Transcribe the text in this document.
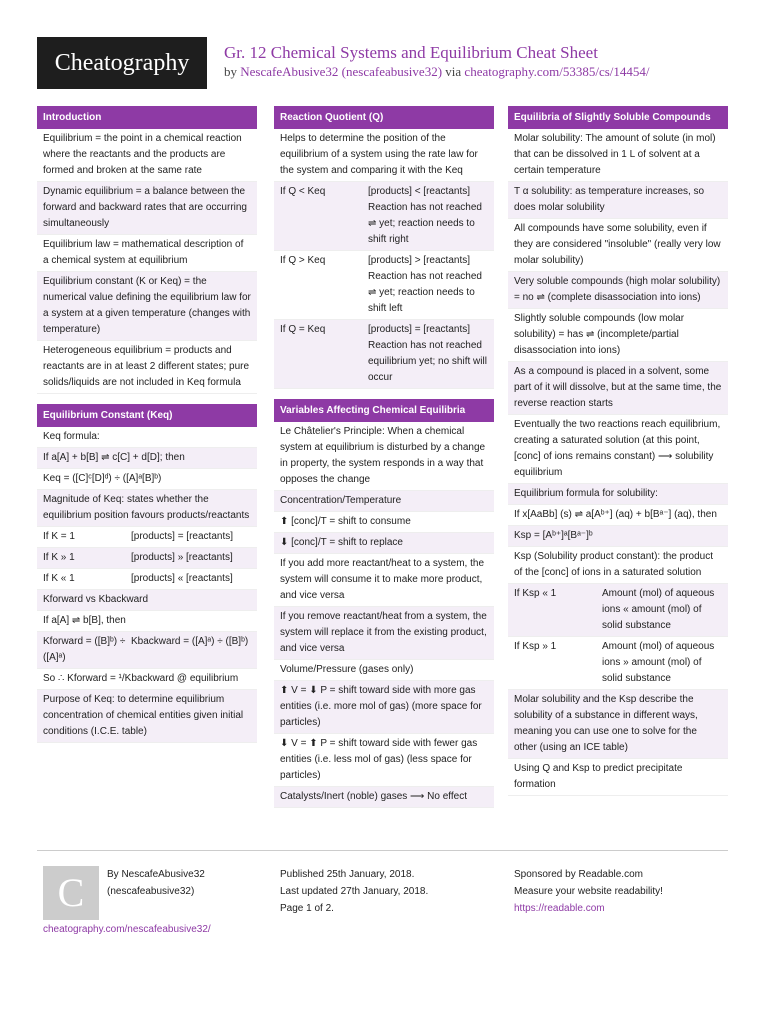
Cheatography	Gr. 12 Chemical Systems and Equilibrium Cheat Sheet
by NescafeAbusive32 (nescafeabusive32) via cheatography.com/53385/cs/14454/
Introduction
Equilibrium = the point in a chemical reaction where the reactants and the products are formed and broken at the same rate
Dynamic equilibrium = a balance between the forward and backward rates that are occurring simultaneously
Equilibrium law = mathematical description of a chemical system at equilibrium
Equilibrium constant (K or Keq) = the numerical value defining the equilibrium law for a system at a given temperature (changes with temperature)
Heterogeneous equilibrium = products and reactants are in at least 2 different states; pure solids/liquids are not included in Keq formula
Equilibrium Constant (Keq)
Keq formula:
If a[A] + b[B] ⇌ c[C] + d[D]; then
Keq = ([C]ᶜ[D]ᵈ) ÷ ([A]ᵃ[B]ᵇ)
Magnitude of Keq: states whether the equilibrium position favours products/reactants
If K = 1	[products] = [reactants]
If K » 1	[products] » [reactants]
If K « 1	[products] « [reactants]
Kforward vs Kbackward
If a[A] ⇌ b[B], then
Kforward = ([B]ᵇ) ÷ ([A]ᵃ)
Kbackward = ([A]ᵃ) ÷ ([B]ᵇ)
So ∴ Kforward = ¹/Kbackward @ equilibrium
Purpose of Keq: to determine equilibrium concentration of chemical entities given initial conditions (I.C.E. table)
Reaction Quotient (Q)
Helps to determine the position of the equilibrium of a system using the rate law for the system and comparing it with the Keq
If Q < Keq	[products] < [reactants] Reaction has not reached ⇌ yet; reaction needs to shift right
If Q > Keq	[products] > [reactants] Reaction has not reached ⇌ yet; reaction needs to shift left
If Q = Keq	[products] = [reactants] Reaction has not reached equilibrium yet; no shift will occur
Variables Affecting Chemical Equilibria
Le Châtelier's Principle: When a chemical system at equilibrium is disturbed by a change in property, the system responds in a way that opposes the change
Concentration/Temperature
⬆ [conc]/T = shift to consume
⬇ [conc]/T = shift to replace
If you add more reactant/heat to a system, the system will consume it to make more product, and vice versa
If you remove reactant/heat from a system, the system will replace it from the existing product, and vice versa
Volume/Pressure (gases only)
⬆ V = ⬇ P = shift toward side with more gas entities (i.e. more mol of gas) (more space for particles)
⬇ V = ⬆ P = shift toward side with fewer gas entities (i.e. less mol of gas) (less space for particles)
Catalysts/Inert (noble) gases ⟶ No effect
Equilibria of Slightly Soluble Compounds
Molar solubility: The amount of solute (in mol) that can be dissolved in 1 L of solvent at a certain temperature
T α solubility: as temperature increases, so does molar solubility
All compounds have some solubility, even if they are considered "insoluble" (really very low molar solubility)
Very soluble compounds (high molar solubility) = no ⇌ (complete disassociation into ions)
Slightly soluble compounds (low molar solubility) = has ⇌ (incomplete/partial disassociation into ions)
As a compound is placed in a solvent, some part of it will dissolve, but at the same time, the reverse reaction starts
Eventually the two reactions reach equilibrium, creating a saturated solution (at this point, [conc] of ions remains constant) ⟶ solubility equilibrium
Equilibrium formula for solubility:
If x[AaBb] (s) ⇌ a[Aᵇ⁺] (aq) + b[Bᵃ⁻] (aq), then
Ksp = [Aᵇ⁺]ᵃ[Bᵃ⁻]ᵇ
Ksp (Solubility product constant): the product of the [conc] of ions in a saturated solution
If Ksp « 1	Amount (mol) of aqueous ions « amount (mol) of solid substance
If Ksp » 1	Amount (mol) of aqueous ions » amount (mol) of solid substance
Molar solubility and the Ksp describe the solubility of a substance in different ways, meaning you can use one to solve for the other (using an ICE table)
Using Q and Ksp to predict precipitate formation
C	By NescafeAbusive32
(nescafeabusive32)
cheatography.com/nescafeabusive32/
Published 25th January, 2018.
Last updated 27th January, 2018.
Page 1 of 2.
Sponsored by Readable.com
Measure your website readability!
https://readable.com
